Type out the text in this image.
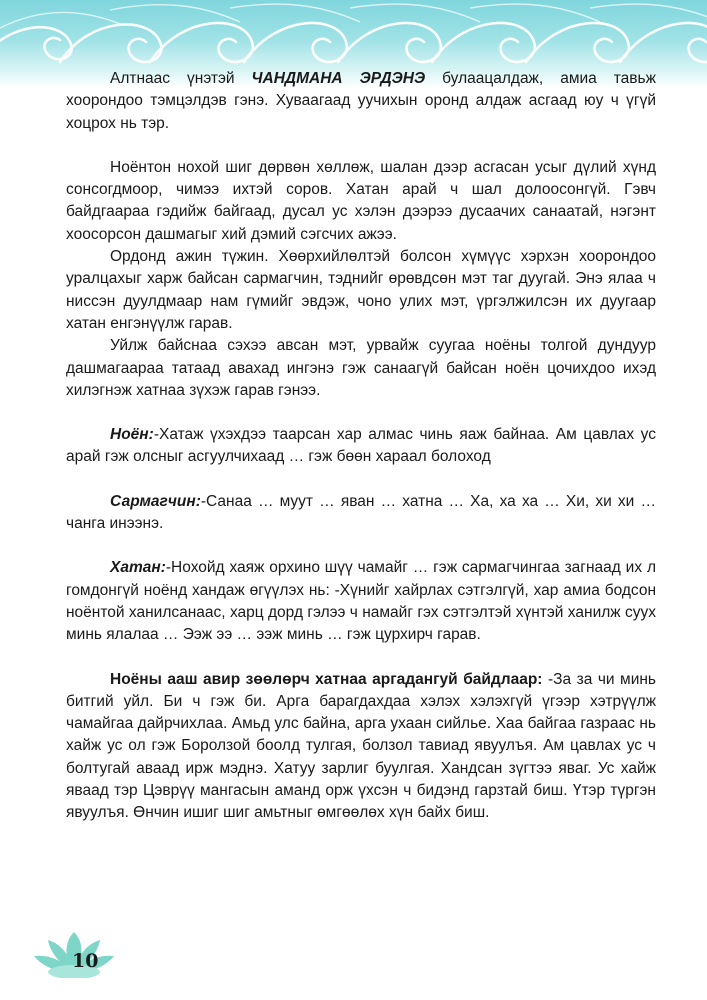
Алтнаас үнэтэй ЧАНДМАНА ЭРДЭНЭ булаацалдаж, амиа тавьж хоорондоо тэмцэлдэв гэнэ. Хуваагаад уучихын оронд алдаж асгаад юу ч үгүй хоцрох нь тэр.

Ноёнтон нохой шиг дөрвөн хөллөж, шалан дээр асгасан усыг дүлий хүнд сонсогдмоор, чимээ ихтэй соров. Хатан арай ч шал долоосонгүй. Гэвч байдгаараа гэдийж байгаад, дусал ус хэлэн дээрээ дусаачих санаатай, нэгэнт хоосорсон дашмагыг хий дэмий сэгсчих ажээ.

Ордонд ажин түжин. Хөөрхийлөлтэй болсон хүмүүс хэрхэн хоорондоо уралцахыг харж байсан сармагчин, тэднийг өрөвдсөн мэт таг дуугай. Энэ ялаа ч ниссэн дуулдмаар нам гүмийг эвдэж, чоно улих мэт, үргэлжилсэн их дуугаар хатан енгэнүүлж гарав.

Уйлж байснаа сэхээ авсан мэт, урвайж суугаа ноёны толгой дундуур дашмагаараа татаад авахад ингэнэ гэж санаагүй байсан ноён цочихдоо ихэд хилэгнэж хатнаа зүхэж гарав гэнээ.

Ноён:-Хатаж үхэхдээ таарсан хар алмас чинь яаж байнаа. Ам цавлах ус арай гэж олсныг асгуулчихаад … гэж бөөн хараал болоход

Сармагчин:-Санаа … муут … яван … хатна … Ха, ха ха … Хи, хи хи … чанга инээнэ.

Хатан:-Нохойд хаяж орхино шүү чамайг … гэж сармагчингаа загнаад их л гомдонгүй ноёнд хандаж өгүүлэх нь: -Хүнийг хайрлах сэтгэлгүй, хар амиа бодсон ноёнтой ханилсанаас, харц дорд гэлээ ч намайг гэх сэтгэлтэй хүнтэй ханилж суух минь ялалаа … Ээж ээ … ээж минь … гэж цурхирч гарав.

Ноёны ааш авир зөөлөрч хатнаа аргадангуй байдлаар: -За за чи минь битгий уйл. Би ч гэж би. Арга барагдахдаа хэлэх хэлэхгүй үгээр хэтрүүлж чамайгаа дайрчихлаа. Амьд улс байна, арга ухаан сийлье. Хаа байгаа газраас нь хайж ус ол гэж Боролзой боолд тулгая, болзол тавиад явуулъя. Ам цавлах ус ч болтугай аваад ирж мэднэ. Хатуу зарлиг буулгая. Хандсан зүгтээ яваг. Ус хайж яваад тэр Цэврүү мангасын аманд орж үхсэн ч бидэнд гарзтай биш. Үтэр түргэн явуулъя. Өнчин ишиг шиг амьтныг өмгөөлөх хүн байх биш.

10
